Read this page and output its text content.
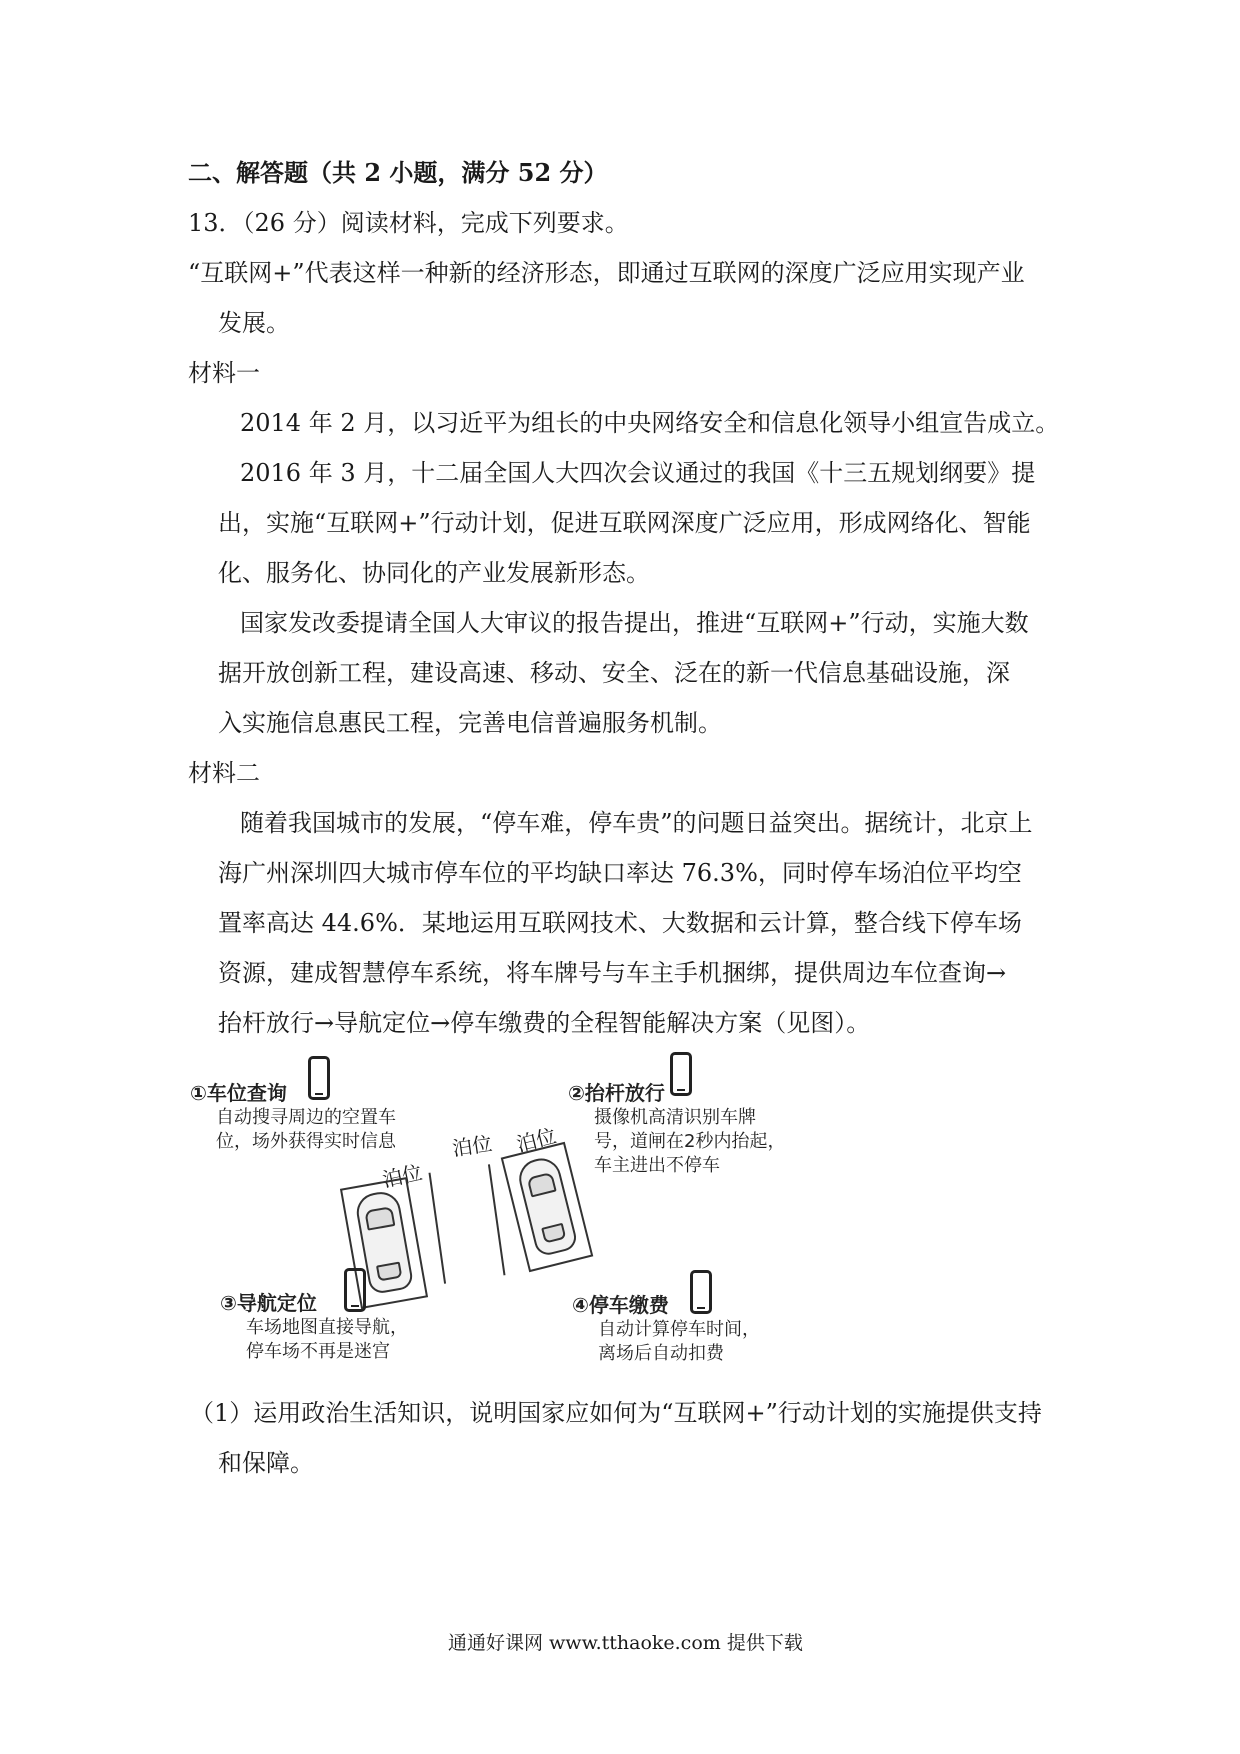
二、解答题（共 2 小题，满分 52 分）
13．（26 分）阅读材料，完成下列要求。
“互联网+”代表这样一种新的经济形态，即通过互联网的深度广泛应用实现产业
发展。
材料一
2014 年 2 月，以习近平为组长的中央网络安全和信息化领导小组宣告成立。
2016 年 3 月，十二届全国人大四次会议通过的我国《十三五规划纲要》提
出，实施“互联网+”行动计划，促进互联网深度广泛应用，形成网络化、智能
化、服务化、协同化的产业发展新形态。
国家发改委提请全国人大审议的报告提出，推进“互联网+”行动，实施大数
据开放创新工程，建设高速、移动、安全、泛在的新一代信息基础设施，深
入实施信息惠民工程，完善电信普遍服务机制。
材料二
随着我国城市的发展，“停车难，停车贵”的问题日益突出。据统计，北京上
海广州深圳四大城市停车位的平均缺口率达 76.3%，同时停车场泊位平均空
置率高达 44.6%．某地运用互联网技术、大数据和云计算，整合线下停车场
资源，建成智慧停车系统，将车牌号与车主手机捆绑，提供周边车位查询→
抬杆放行→导航定位→停车缴费的全程智能解决方案（见图）。
①车位查询
自动搜寻周边的空置车
位，场外获得实时信息
②抬杆放行
摄像机高清识别车牌
号，道闸在2秒内抬起，
车主进出不停车
泊位
泊位 泊位
③导航定位
车场地图直接导航，
停车场不再是迷宫
④停车缴费
自动计算停车时间，
离场后自动扣费
（1）运用政治生活知识，说明国家应如何为“互联网+”行动计划的实施提供支持
和保障。
通通好课网 www.tthaoke.com 提供下载
